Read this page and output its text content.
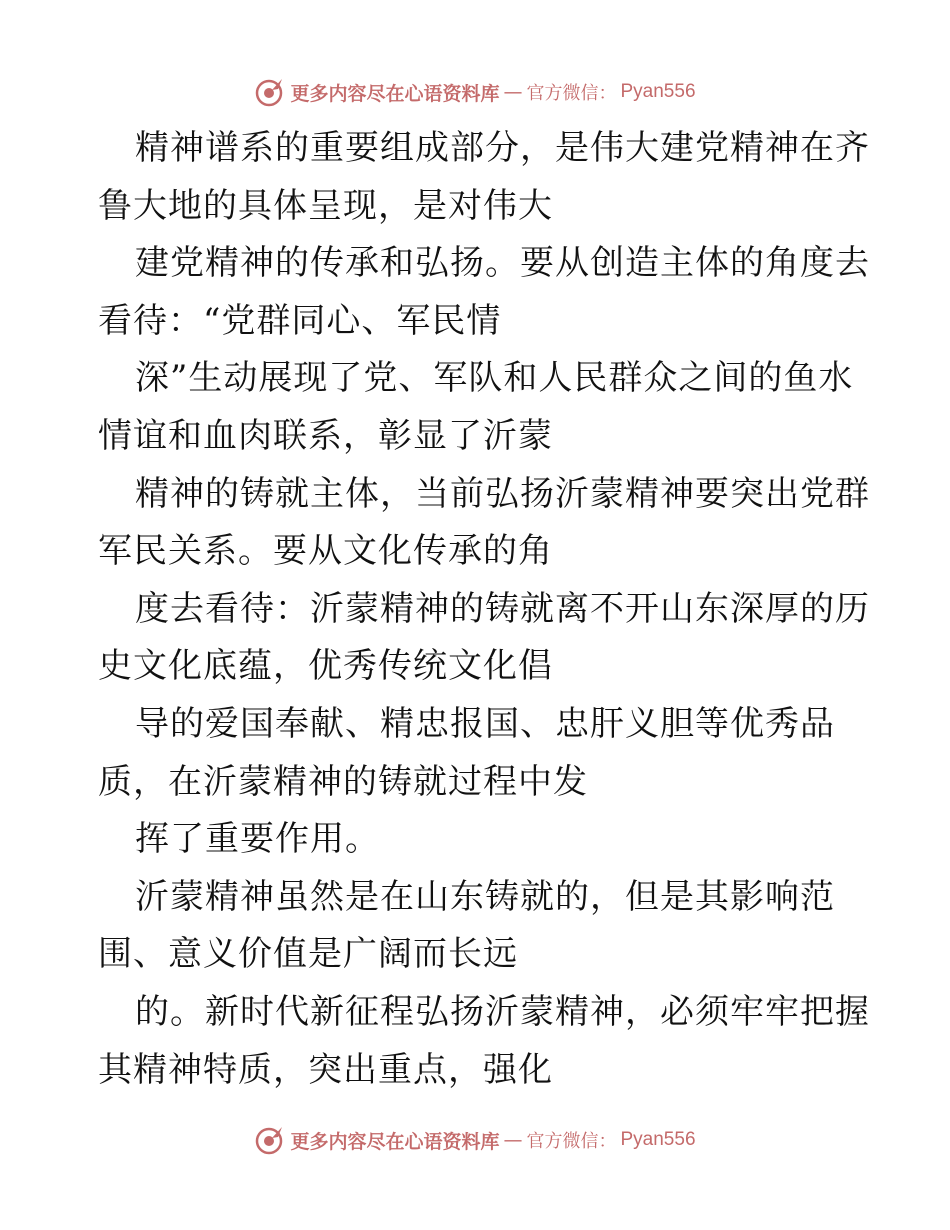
更多内容尽在心语资料库 — 官方微信： Pyan556
精神谱系的重要组成部分，是伟大建党精神在齐
鲁大地的具体呈现，是对伟大
建党精神的传承和弘扬。要从创造主体的角度去
看待：“党群同心、军民情
深”生动展现了党、军队和人民群众之间的鱼水
情谊和血肉联系，彰显了沂蒙
精神的铸就主体，当前弘扬沂蒙精神要突出党群
军民关系。要从文化传承的角
度去看待：沂蒙精神的铸就离不开山东深厚的历
史文化底蕴，优秀传统文化倡
导的爱国奉献、精忠报国、忠肝义胆等优秀品
质，在沂蒙精神的铸就过程中发
挥了重要作用。
沂蒙精神虽然是在山东铸就的，但是其影响范
围、意义价值是广阔而长远
的。新时代新征程弘扬沂蒙精神，必须牢牢把握
其精神特质，突出重点，强化
更多内容尽在心语资料库 — 官方微信： Pyan556
